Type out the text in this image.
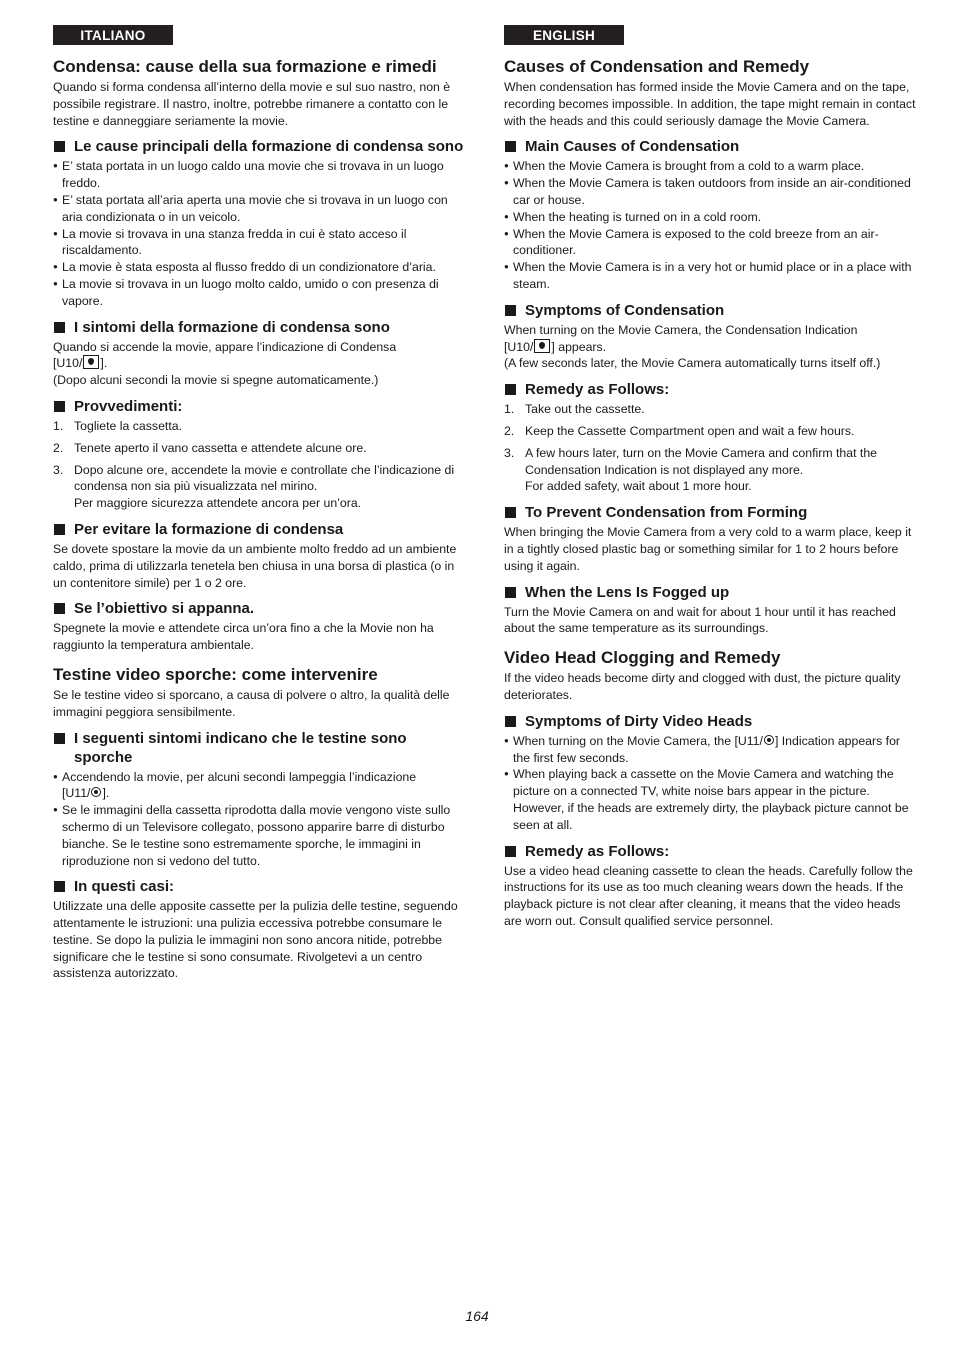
ITALIANO
Condensa: cause della sua formazione e rimedi

Quando si forma condensa all’interno della movie e sul suo nastro, non è possibile registrare. Il nastro, inoltre, potrebbe rimanere a contatto con le testine e danneggiare seriamente la movie.

Le cause principali della formazione di condensa sono
● E’ stata portata in un luogo caldo una movie che si trovava in un luogo freddo.
● E’ stata portata all’aria aperta una movie che si trovava in un luogo con aria condizionata o in un veicolo.
● La movie si trovava in una stanza fredda in cui è stato acceso il riscaldamento.
● La movie è stata esposta al flusso freddo di un condizionatore d’aria.
● La movie si trovava in un luogo molto caldo, umido o con presenza di vapore.
I sintomi della formazione di condensa sono

Quando si accende la movie, appare l’indicazione di Condensa
[U10/ ].
(Dopo alcuni secondi la movie si spegne automaticamente.)

Provvedimenti:
1. Togliete la cassetta.
2. Tenete aperto il vano cassetta e attendete alcune ore.
3. Dopo alcune ore, accendete la movie e controllate che l’indicazione di condensa non sia più visualizzata nel mirino.
Per maggiore sicurezza attendete ancora per un’ora.
Per evitare la formazione di condensa

Se dovete spostare la movie da un ambiente molto freddo ad un ambiente caldo, prima di utilizzarla tenetela ben chiusa in una borsa di plastica (o in un contenitore simile) per 1 o 2 ore.

Se l’obiettivo si appanna.

Spegnete la movie e attendete circa un’ora fino a che la Movie non ha raggiunto la temperatura ambientale.

Testine video sporche: come intervenire

Se le testine video si sporcano, a causa di polvere o altro, la qualità delle immagini peggiora sensibilmente.

I seguenti sintomi indicano che le testine sono sporche
● Accendendo la movie, per alcuni secondi lampeggia l’indicazione
[U11/ ].
● Se le immagini della cassetta riprodotta dalla movie vengono viste sullo schermo di un Televisore collegato, possono apparire barre di disturbo bianche. Se le testine sono estremamente sporche, le immagini in riproduzione non si vedono del tutto.
In questi casi:

Utilizzate una delle apposite cassette per la pulizia delle testine, seguendo attentamente le istruzioni: una pulizia eccessiva potrebbe consumare le testine. Se dopo la pulizia le immagini non sono ancora nitide, potrebbe significare che le testine si sono consumate. Rivolgetevi a un centro assistenza autorizzato.

ENGLISH
Causes of Condensation and Remedy

When condensation has formed inside the Movie Camera and on the tape, recording becomes impossible. In addition, the tape might remain in contact with the heads and this could seriously damage the Movie Camera.

Main Causes of Condensation
● When the Movie Camera is brought from a cold to a warm place.
● When the Movie Camera is taken outdoors from inside an air-conditioned car or house.
● When the heating is turned on in a cold room.
● When the Movie Camera is exposed to the cold breeze from an air-conditioner.
● When the Movie Camera is in a very hot or humid place or in a place with steam.
Symptoms of Condensation

When turning on the Movie Camera, the Condensation Indication
[U10/ ] appears.
(A few seconds later, the Movie Camera automatically turns itself off.)

Remedy as Follows:
1. Take out the cassette.
2. Keep the Cassette Compartment open and wait a few hours.
3. A few hours later, turn on the Movie Camera and confirm that the Condensation Indication is not displayed any more.
For added safety, wait about 1 more hour.
To Prevent Condensation from Forming

When bringing the Movie Camera from a very cold to a warm place, keep it in a tightly closed plastic bag or something similar for 1 to 2 hours before using it again.

When the Lens Is Fogged up

Turn the Movie Camera on and wait for about 1 hour until it has reached about the same temperature as its surroundings.

Video Head Clogging and Remedy

If the video heads become dirty and clogged with dust, the picture quality deteriorates.

Symptoms of Dirty Video Heads
● When turning on the Movie Camera, the [U11/ ] Indication appears for the first few seconds.
● When playing back a cassette on the Movie Camera and watching the picture on a connected TV, white noise bars appear in the picture. However, if the heads are extremely dirty, the playback picture cannot be seen at all.
Remedy as Follows:

Use a video head cleaning cassette to clean the heads. Carefully follow the instructions for its use as too much cleaning wears down the heads. If the playback picture is not clear after cleaning, it means that the video heads are worn out. Consult qualified service personnel.

164
